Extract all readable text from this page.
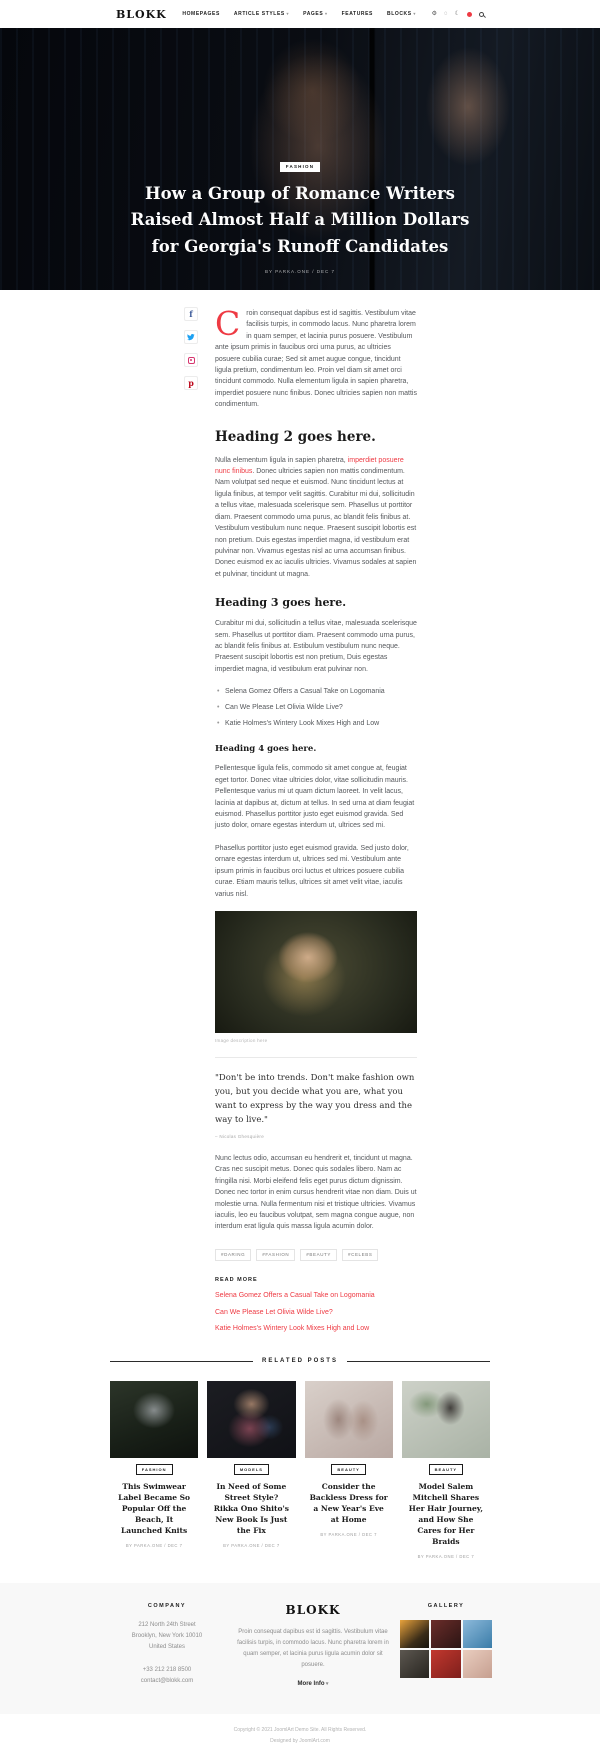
BLOKK	HOMEPAGES	ARTICLE STYLES ▾	PAGES ▾	FEATURES	BLOCKS ▾	⚙ ◌ ☾
FASHION
How a Group of Romance Writers Raised Almost Half a Million Dollars for Georgia's Runoff Candidates
BY PARKA.ONE / DEC 7
f
p

Croin consequat dapibus est id sagittis. Vestibulum vitae facilisis turpis, in commodo lacus. Nunc pharetra lorem in quam semper, et lacinia purus posuere. Vestibulum ante ipsum primis in faucibus orci urna purus, ac ultricies posuere cubilia curae; Sed sit amet augue congue, tincidunt ligula pretium, condimentum leo. Proin vel diam sit amet orci tincidunt commodo. Nulla elementum ligula in sapien pharetra, imperdiet posuere nunc finibus. Donec ultricies sapien non mattis condimentum.

Heading 2 goes here.

Nulla elementum ligula in sapien pharetra, imperdiet posuere nunc finibus. Donec ultricies sapien non mattis condimentum. Nam volutpat sed neque et euismod. Nunc tincidunt lectus at ligula finibus, at tempor velit sagittis. Curabitur mi dui, sollicitudin a tellus vitae, malesuada scelerisque sem. Phasellus ut porttitor diam. Praesent commodo urna purus, ac blandit felis finibus at. Vestibulum vestibulum nunc neque. Praesent suscipit lobortis est non pretium. Duis egestas imperdiet magna, id vestibulum erat pulvinar non. Vivamus egestas nisl ac urna accumsan finibus. Donec euismod ex ac iaculis ultricies. Vivamus sodales at sapien et pulvinar, tincidunt ut magna.

Heading 3 goes here.

Curabitur mi dui, sollicitudin a tellus vitae, malesuada scelerisque sem. Phasellus ut porttitor diam. Praesent commodo urna purus, ac blandit felis finibus at. Estibulum vestibulum nunc neque. Praesent suscipit lobortis est non pretium, Duis egestas imperdiet magna, id vestibulum erat pulvinar non.

• Selena Gomez Offers a Casual Take on Logomania
• Can We Please Let Olivia Wilde Live?
• Katie Holmes's Wintery Look Mixes High and Low
Heading 4 goes here.

Pellentesque ligula felis, commodo sit amet congue at, feugiat eget tortor. Donec vitae ultricies dolor, vitae sollicitudin mauris. Pellentesque varius mi ut quam dictum laoreet. In velit lacus, lacinia at dapibus at, dictum at tellus. In sed urna at diam feugiat euismod. Phasellus porttitor justo eget euismod gravida. Sed justo dolor, ornare egestas interdum ut, ultrices sed mi.

Phasellus porttitor justo eget euismod gravida. Sed justo dolor, ornare egestas interdum ut, ultrices sed mi. Vestibulum ante ipsum primis in faucibus orci luctus et ultrices posuere cubilia curae. Etiam mauris tellus, ultrices sit amet velit vitae, iaculis varius nisl.

Image description here
"Don't be into trends. Don't make fashion own you, but you decide what you are, what you want to express by the way you dress and the way to live."
– Nicolas Ghesquière

Nunc lectus odio, accumsan eu hendrerit et, tincidunt ut magna. Cras nec suscipit metus. Donec quis sodales libero. Nam ac fringilla nisi. Morbi eleifend felis eget purus dictum dignissim. Donec nec tortor in enim cursus hendrerit vitae non diam. Duis ut molestie urna. Nulla fermentum nisi et tristique ultricies. Vivamus iaculis, leo eu faucibus volutpat, sem magna congue augue, non interdum erat ligula quis massa ligula acumin dolor.

#DARING	#FASHION	#BEAUTY	#CELEBS
READ MORE
Selena Gomez Offers a Casual Take on Logomania
Can We Please Let Olivia Wilde Live?
Katie Holmes's Wintery Look Mixes High and Low
RELATED POSTS
FASHION
This Swimwear Label Became So Popular Off the Beach, It Launched Knits
BY PARKA.ONE / DEC 7
MODELS
In Need of Some Street Style? Rikka Ono Shito's New Book Is Just the Fix
BY PARKA.ONE / DEC 7
BEAUTY
Consider the Backless Dress for a New Year's Eve at Home
BY PARKA.ONE / DEC 7
BEAUTY
Model Salem Mitchell Shares Her Hair Journey, and How She Cares for Her Braids
BY PARKA.ONE / DEC 7
COMPANY
212 North 24th Street
Brooklyn, New York 10010
United States
+33 212 218 8500
contact@blokk.com
BLOKK
Proin consequat dapibus est id sagittis. Vestibulum vitae facilisis turpis, in commodo lacus. Nunc pharetra lorem in quam semper, et lacinia purus ligula acumin dolor sit posuere.
More Info ▾
GALLERY
Copyright © 2021 JoomlArt Demo Site. All Rights Reserved.
Designed by JoomlArt.com
